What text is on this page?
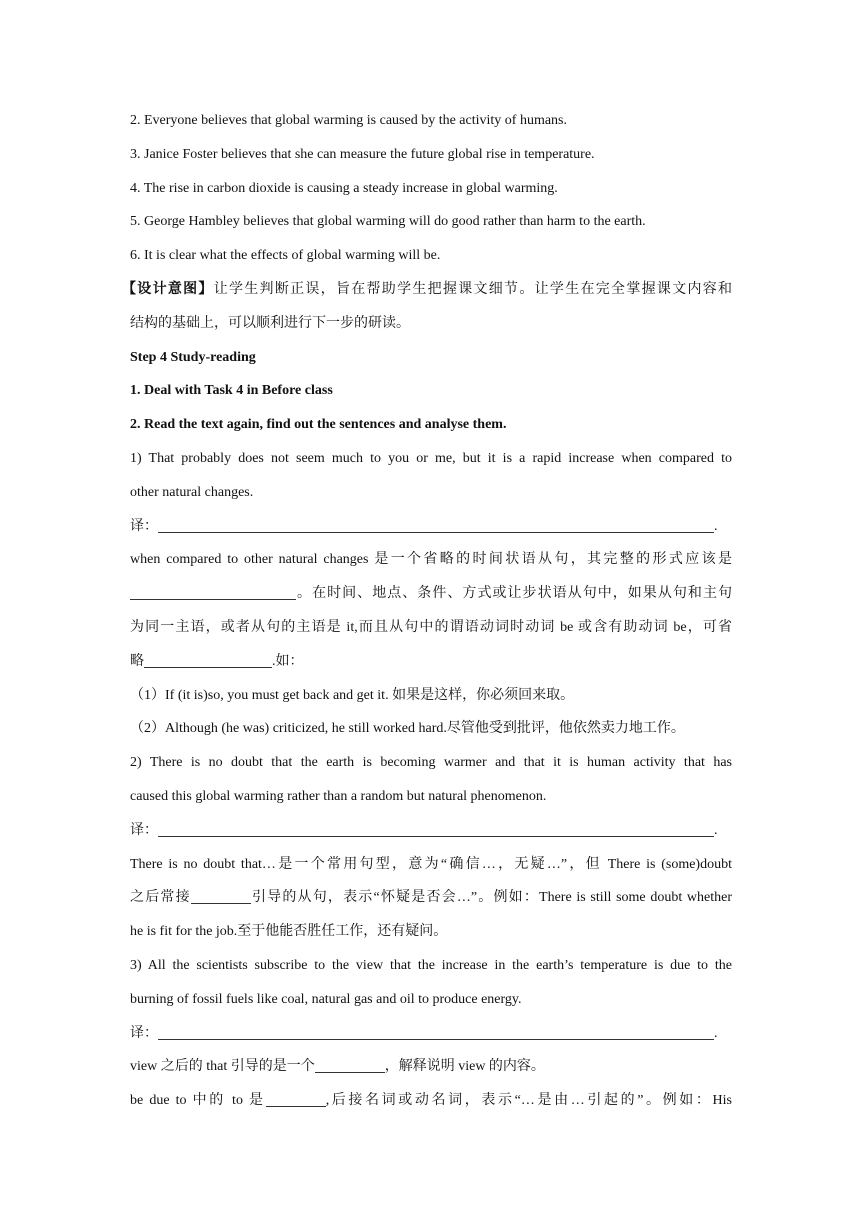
2. Everyone believes that global warming is caused by the activity of humans.
3. Janice Foster believes that she can measure the future global rise in temperature.
4. The rise in carbon dioxide is causing a steady increase in global warming.
5. George Hambley believes that global warming will do good rather than harm to the earth.
6. It is clear what the effects of global warming will be.
【设计意图】让学生判断正误，旨在帮助学生把握课文细节。让学生在完全掌握课文内容和
结构的基础上，可以顺利进行下一步的研读。
Step 4 Study-reading
1. Deal with Task 4 in Before class
2. Read the text again, find out the sentences and analyse them.
1) That probably does not seem much to you or me, but it is a rapid increase when compared to
other natural changes.
译：	.
when compared to other natural changes 是一个省略的时间状语从句，其完整的形式应该是
。在时间、地点、条件、方式或让步状语从句中，如果从句和主句
为同一主语，或者从句的主语是 it,而且从句中的谓语动词时动词 be 或含有助动词 be，可省
略	.如：
（1）If (it is)so, you must get back and get it. 如果是这样，你必须回来取。
（2）Although (he was) criticized, he still worked hard.尽管他受到批评，他依然卖力地工作。
2) There is no doubt that the earth is becoming warmer and that it is human activity that has
caused this global warming rather than a random but natural phenomenon.
译：	.
There is no doubt that…是一个常用句型，意为“确信…，无疑…”，但 There is (some)doubt
之后常接	引导的从句，表示“怀疑是否会…”。例如：There is still some doubt whether
he is fit for the job.至于他能否胜任工作，还有疑问。
3) All the scientists subscribe to the view that the increase in the earth’s temperature is due to the
burning of fossil fuels like coal, natural gas and oil to produce energy.
译：	.
view 之后的 that 引导的是一个	，解释说明 view 的内容。
be due to 中的 to 是	,后接名词或动名词，表示“…是由…引起的”。例如：His
